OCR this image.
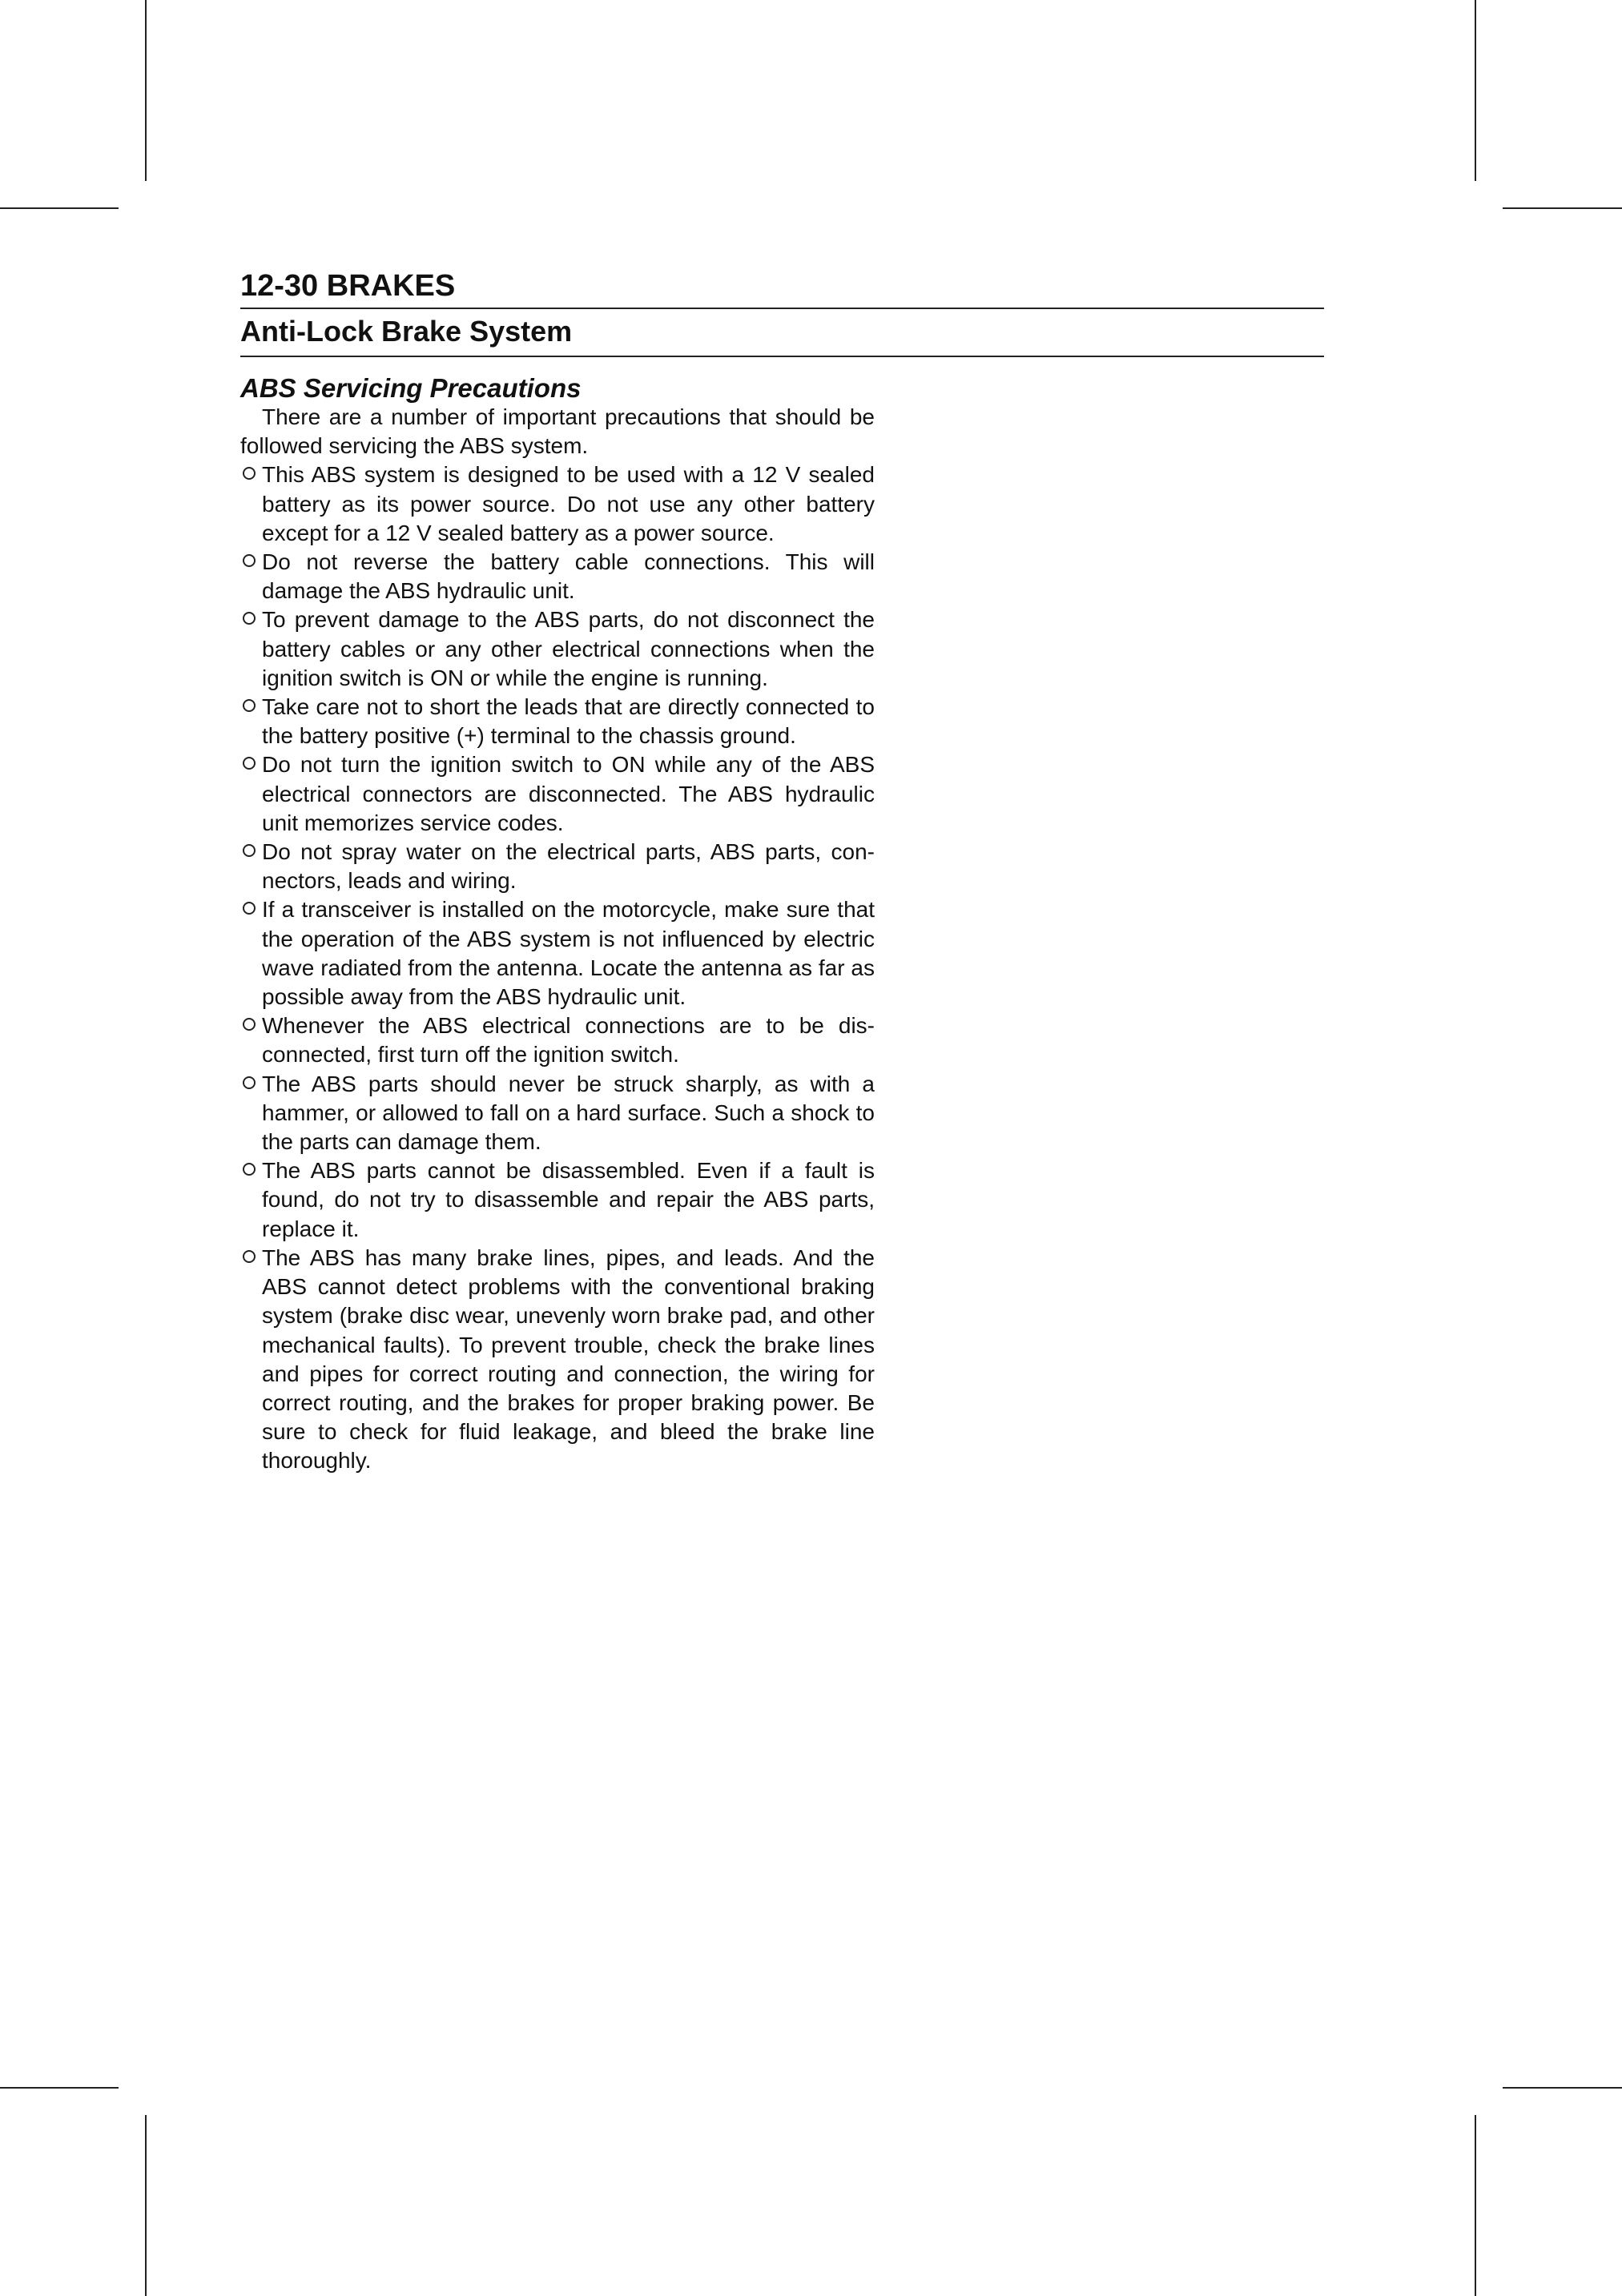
12-30 BRAKES
Anti-Lock Brake System
ABS Servicing Precautions

There are a number of important precautions that should be followed servicing the ABS system.

This ABS system is designed to be used with a 12 V sealed battery as its power source. Do not use any other battery except for a 12 V sealed battery as a power source.
Do not reverse the battery cable connections. This will damage the ABS hydraulic unit.
To prevent damage to the ABS parts, do not disconnect the battery cables or any other electrical connections when the ignition switch is ON or while the engine is running.
Take care not to short the leads that are directly connected to the battery positive (+) terminal to the chassis ground.
Do not turn the ignition switch to ON while any of the ABS electrical connectors are disconnected. The ABS hydraulic unit memorizes service codes.
Do not spray water on the electrical parts, ABS parts, connectors, leads and wiring.
If a transceiver is installed on the motorcycle, make sure that the operation of the ABS system is not influenced by electric wave radiated from the antenna. Locate the antenna as far as possible away from the ABS hydraulic unit.
Whenever the ABS electrical connections are to be disconnected, first turn off the ignition switch.
The ABS parts should never be struck sharply, as with a hammer, or allowed to fall on a hard surface. Such a shock to the parts can damage them.
The ABS parts cannot be disassembled. Even if a fault is found, do not try to disassemble and repair the ABS parts, replace it.
The ABS has many brake lines, pipes, and leads. And the ABS cannot detect problems with the conventional braking system (brake disc wear, unevenly worn brake pad, and other mechanical faults). To prevent trouble, check the brake lines and pipes for correct routing and connection, the wiring for correct routing, and the brakes for proper braking power. Be sure to check for fluid leakage, and bleed the brake line thoroughly.
